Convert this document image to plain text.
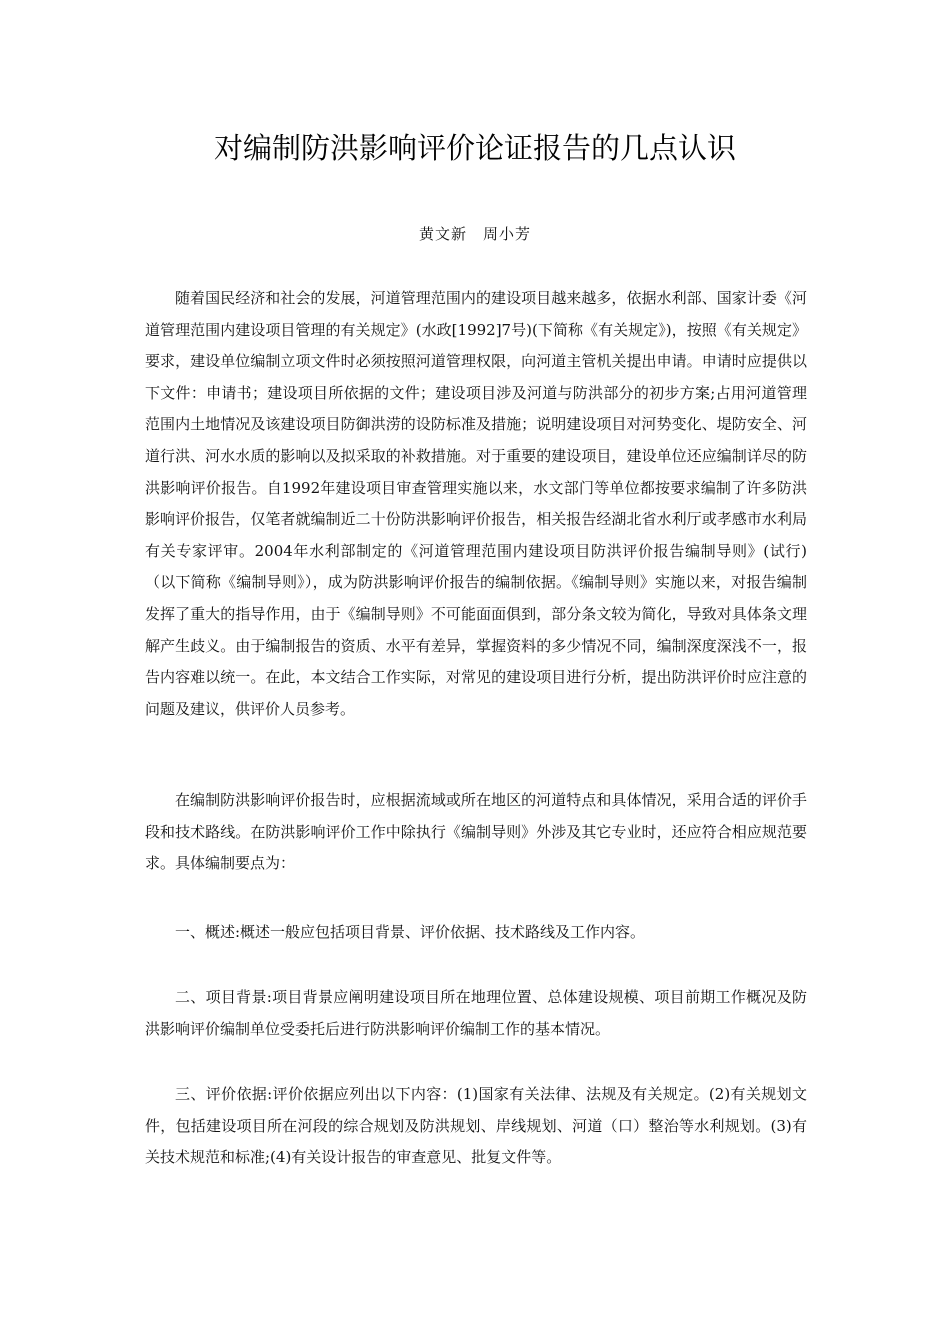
对编制防洪影响评价论证报告的几点认识

黄文新　周小芳

随着国民经济和社会的发展，河道管理范围内的建设项目越来越多，依据水利部、国家计委《河道管理范围内建设项目管理的有关规定》(水政[1992]7号)(下简称《有关规定》)，按照《有关规定》要求，建设单位编制立项文件时必须按照河道管理权限，向河道主管机关提出申请。申请时应提供以下文件：申请书；建设项目所依据的文件；建设项目涉及河道与防洪部分的初步方案;占用河道管理范围内土地情况及该建设项目防御洪涝的设防标准及措施；说明建设项目对河势变化、堤防安全、河道行洪、河水水质的影响以及拟采取的补救措施。对于重要的建设项目，建设单位还应编制详尽的防洪影响评价报告。自1992年建设项目审查管理实施以来，水文部门等单位都按要求编制了许多防洪影响评价报告，仅笔者就编制近二十份防洪影响评价报告，相关报告经湖北省水利厅或孝感市水利局有关专家评审。2004年水利部制定的《河道管理范围内建设项目防洪评价报告编制导则》(试行)（以下简称《编制导则》），成为防洪影响评价报告的编制依据。《编制导则》实施以来，对报告编制发挥了重大的指导作用，由于《编制导则》不可能面面俱到，部分条文较为简化，导致对具体条文理解产生歧义。由于编制报告的资质、水平有差异，掌握资料的多少情况不同，编制深度深浅不一，报告内容难以统一。在此，本文结合工作实际，对常见的建设项目进行分析，提出防洪评价时应注意的问题及建议，供评价人员参考。

在编制防洪影响评价报告时，应根据流域或所在地区的河道特点和具体情况，采用合适的评价手段和技术路线。在防洪影响评价工作中除执行《编制导则》外涉及其它专业时，还应符合相应规范要求。具体编制要点为：

一、概述:概述一般应包括项目背景、评价依据、技术路线及工作内容。

二、项目背景:项目背景应阐明建设项目所在地理位置、总体建设规模、项目前期工作概况及防洪影响评价编制单位受委托后进行防洪影响评价编制工作的基本情况。

三、评价依据:评价依据应列出以下内容：(1)国家有关法律、法规及有关规定。(2)有关规划文件，包括建设项目所在河段的综合规划及防洪规划、岸线规划、河道（口）整治等水利规划。(3)有关技术规范和标准;(4)有关设计报告的审查意见、批复文件等。
